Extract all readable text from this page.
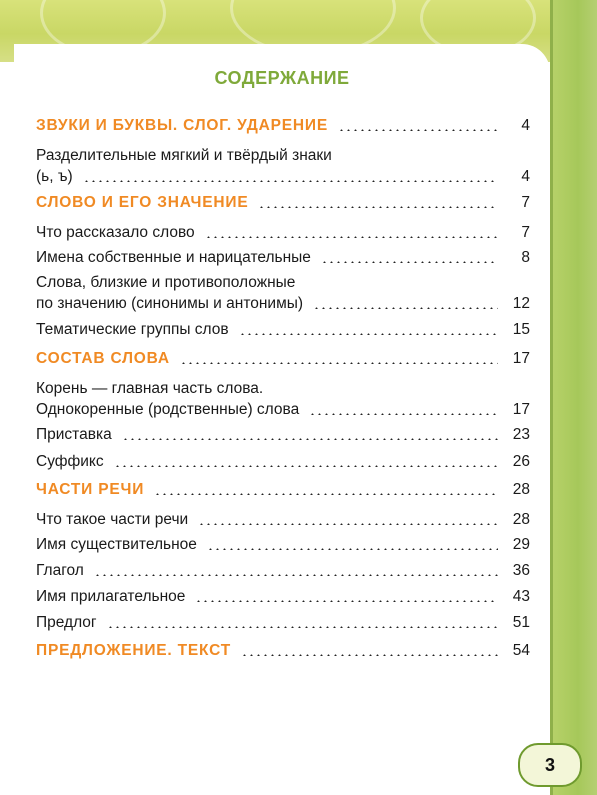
СОДЕРЖАНИЕ
ЗВУКИ И БУКВЫ. СЛОГ. УДАРЕНИЕ	4
Разделительные мягкий и твёрдый знаки
(ь, ъ)	4
СЛОВО И ЕГО ЗНАЧЕНИЕ	7
Что рассказало слово	7
Имена собственные и нарицательные	8
Слова, близкие и противоположные
по значению (синонимы и антонимы)	12
Тематические группы слов	15
СОСТАВ СЛОВА	17
Корень — главная часть слова.
Однокоренные (родственные) слова	17
Приставка	23
Суффикс	26
ЧАСТИ РЕЧИ	28
Что такое части речи	28
Имя существительное	29
Глагол	36
Имя прилагательное	43
Предлог	51
ПРЕДЛОЖЕНИЕ. ТЕКСТ	54
3
